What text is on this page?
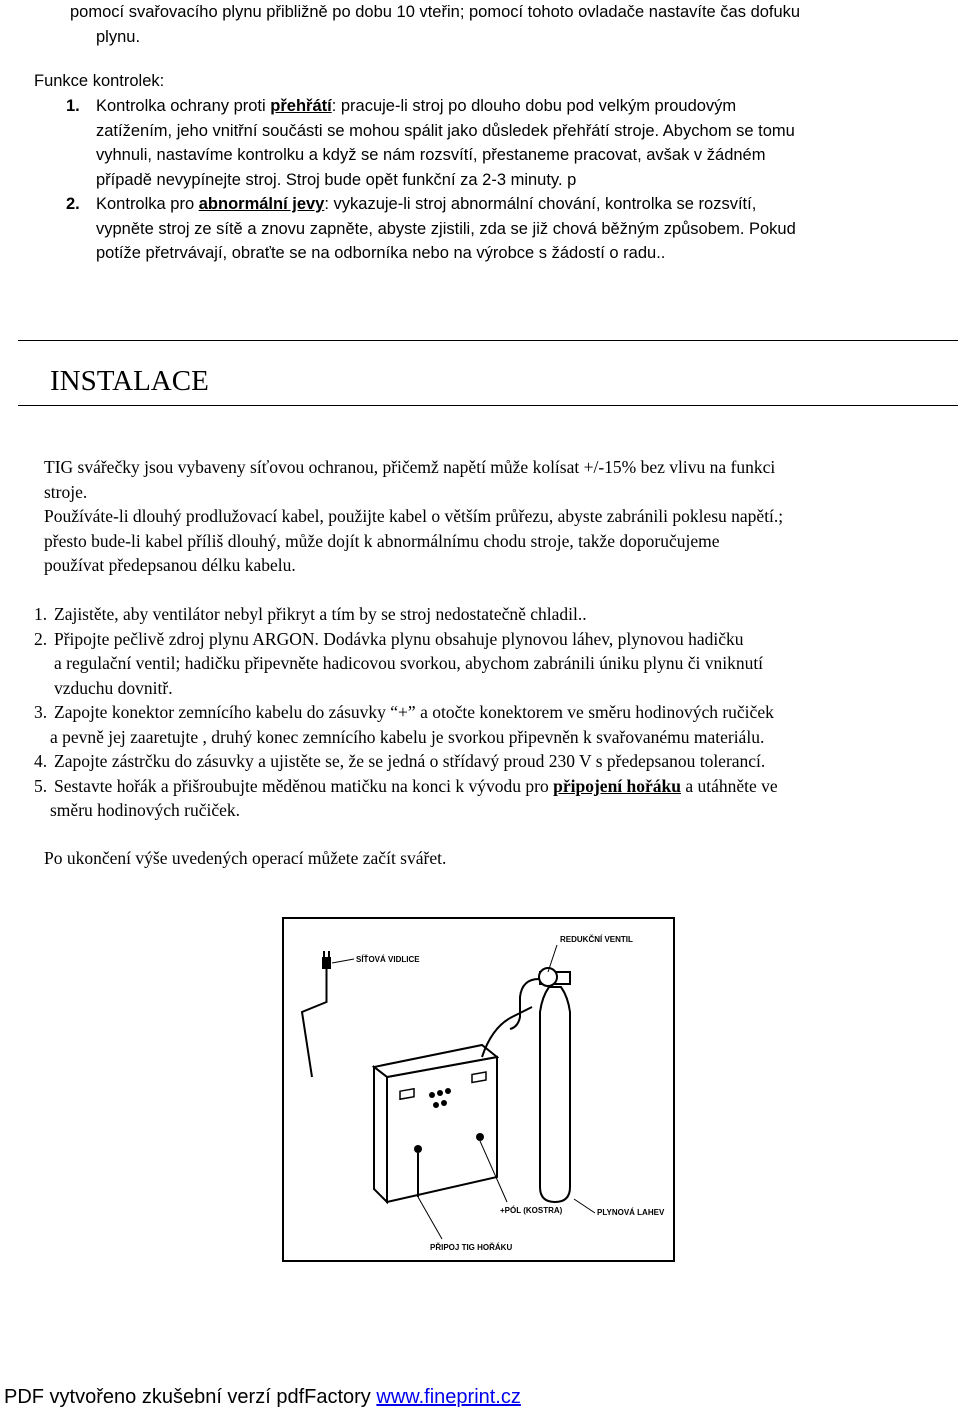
pomocí svařovacího plynu přibližně po dobu 10 vteřin; pomocí tohoto ovladače nastavíte čas dofuku
plynu.
Funkce kontrolek:
1. Kontrolka ochrany proti přehřátí: pracuje-li stroj po dlouho dobu pod velkým proudovým
zatížením, jeho vnitřní součásti se mohou spálit jako důsledek přehřátí stroje. Abychom se tomu
vyhnuli, nastavíme kontrolku a když se nám rozsvítí, přestaneme pracovat, avšak v žádném
případě nevypínejte stroj. Stroj bude opět funkční za 2-3 minuty. p
2. Kontrolka pro abnormální jevy: vykazuje-li stroj abnormální chování, kontrolka se rozsvítí,
vypněte stroj ze sítě a znovu zapněte, abyste zjistili, zda se již chová běžným způsobem. Pokud
potíže přetrvávají, obraťte se na odborníka nebo na výrobce s žádostí o radu..
INSTALACE
TIG svářečky jsou vybaveny síťovou ochranou, přičemž napětí může kolísat +/-15% bez vlivu na funkci
stroje.
Používáte-li dlouhý prodlužovací kabel, použijte kabel o větším průřezu, abyste zabránili poklesu napětí.;
přesto bude-li kabel příliš dlouhý, může dojít k abnormálnímu chodu stroje, takže doporučujeme
používat předepsanou délku kabelu.
1. Zajistěte, aby ventilátor nebyl přikryt a tím by se stroj nedostatečně chladil..
2. Připojte pečlivě zdroj plynu ARGON. Dodávka plynu obsahuje plynovou láhev, plynovou hadičku
a regulační ventil; hadičku připevněte hadicovou svorkou, abychom zabránili úniku plynu či vniknutí
vzduchu dovnitř.
3. Zapojte konektor zemnícího kabelu do zásuvky “+” a otočte konektorem ve směru hodinových ručiček
a pevně jej zaaretujte , druhý konec zemnícího kabelu je svorkou připevněn k svařovanému materiálu.
4. Zapojte zástrčku do zásuvky a ujistěte se, že se jedná o střídavý proud 230 V s předepsanou tolerancí.
5. Sestavte hořák a přišroubujte měděnou matičku na konci k vývodu pro připojení hořáku a utáhněte ve
směru hodinových ručiček.
Po ukončení výše uvedených operací můžete začít svářet.
SÍŤOVÁ VIDLICE
REDUKČNÍ VENTIL
+PÓL (KOSTRA)	PLYNOVÁ LAHEV
PŘIPOJ TIG HOŘÁKU
PDF vytvořeno zkušební verzí pdfFactory www.fineprint.cz
